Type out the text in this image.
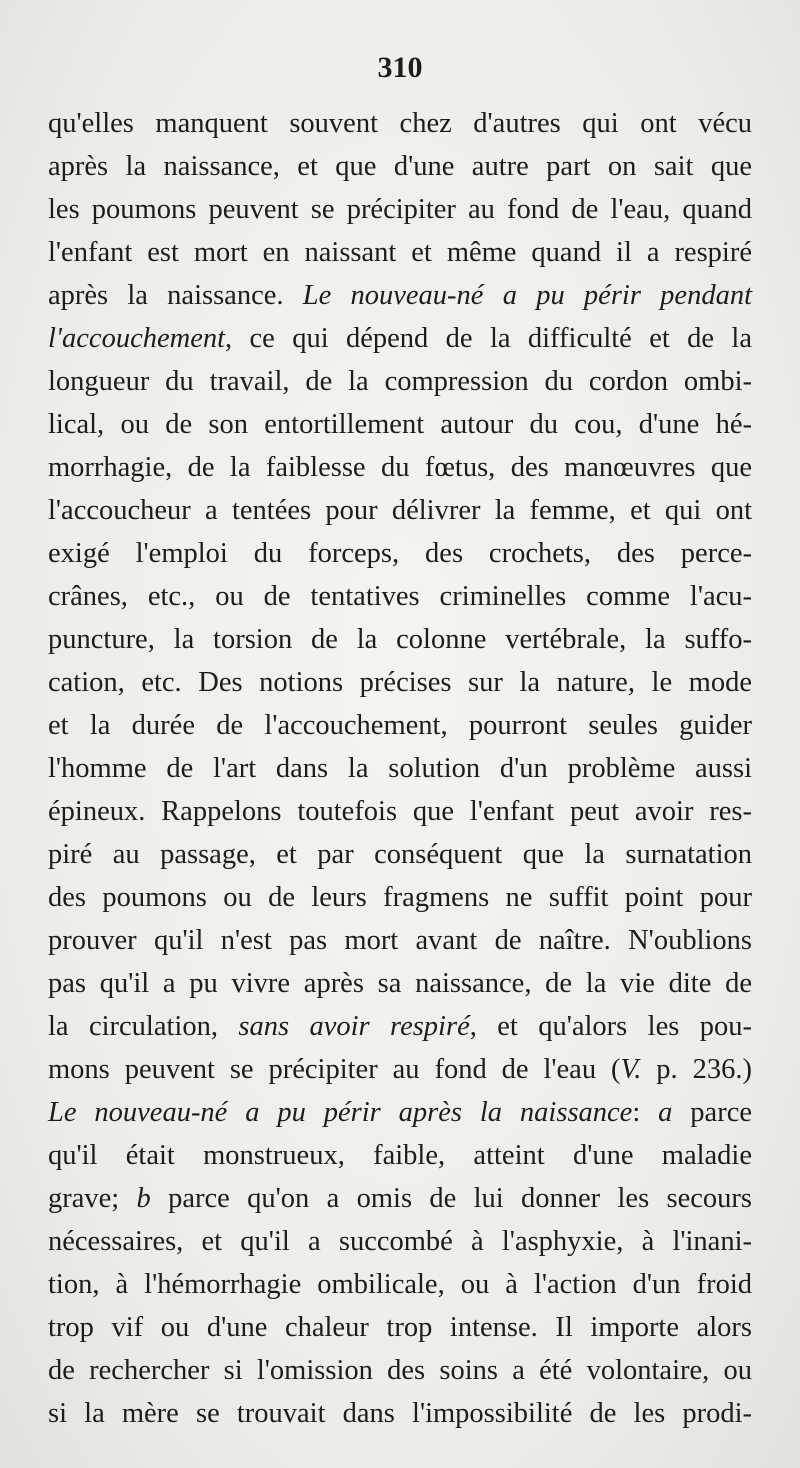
310
qu'elles manquent souvent chez d'autres qui ont vécu
après la naissance, et que d'une autre part on sait que
les poumons peuvent se précipiter au fond de l'eau, quand
l'enfant est mort en naissant et même quand il a respiré
après la naissance. Le nouveau-né a pu périr pendant
l'accouchement, ce qui dépend de la difficulté et de la
longueur du travail, de la compression du cordon ombi-
lical, ou de son entortillement autour du cou, d'une hé-
morrhagie, de la faiblesse du fœtus, des manœuvres que
l'accoucheur a tentées pour délivrer la femme, et qui ont
exigé l'emploi du forceps, des crochets, des perce-
crânes, etc., ou de tentatives criminelles comme l'acu-
puncture, la torsion de la colonne vertébrale, la suffo-
cation, etc. Des notions précises sur la nature, le mode
et la durée de l'accouchement, pourront seules guider
l'homme de l'art dans la solution d'un problème aussi
épineux. Rappelons toutefois que l'enfant peut avoir res-
piré au passage, et par conséquent que la surnatation
des poumons ou de leurs fragmens ne suffit point pour
prouver qu'il n'est pas mort avant de naître. N'oublions
pas qu'il a pu vivre après sa naissance, de la vie dite de
la circulation, sans avoir respiré, et qu'alors les pou-
mons peuvent se précipiter au fond de l'eau (V. p. 236.)
Le nouveau-né a pu périr après la naissance: a parce
qu'il était monstrueux, faible, atteint d'une maladie
grave; b parce qu'on a omis de lui donner les secours
nécessaires, et qu'il a succombé à l'asphyxie, à l'inani-
tion, à l'hémorrhagie ombilicale, ou à l'action d'un froid
trop vif ou d'une chaleur trop intense. Il importe alors
de rechercher si l'omission des soins a été volontaire, ou
si la mère se trouvait dans l'impossibilité de les prodi-
